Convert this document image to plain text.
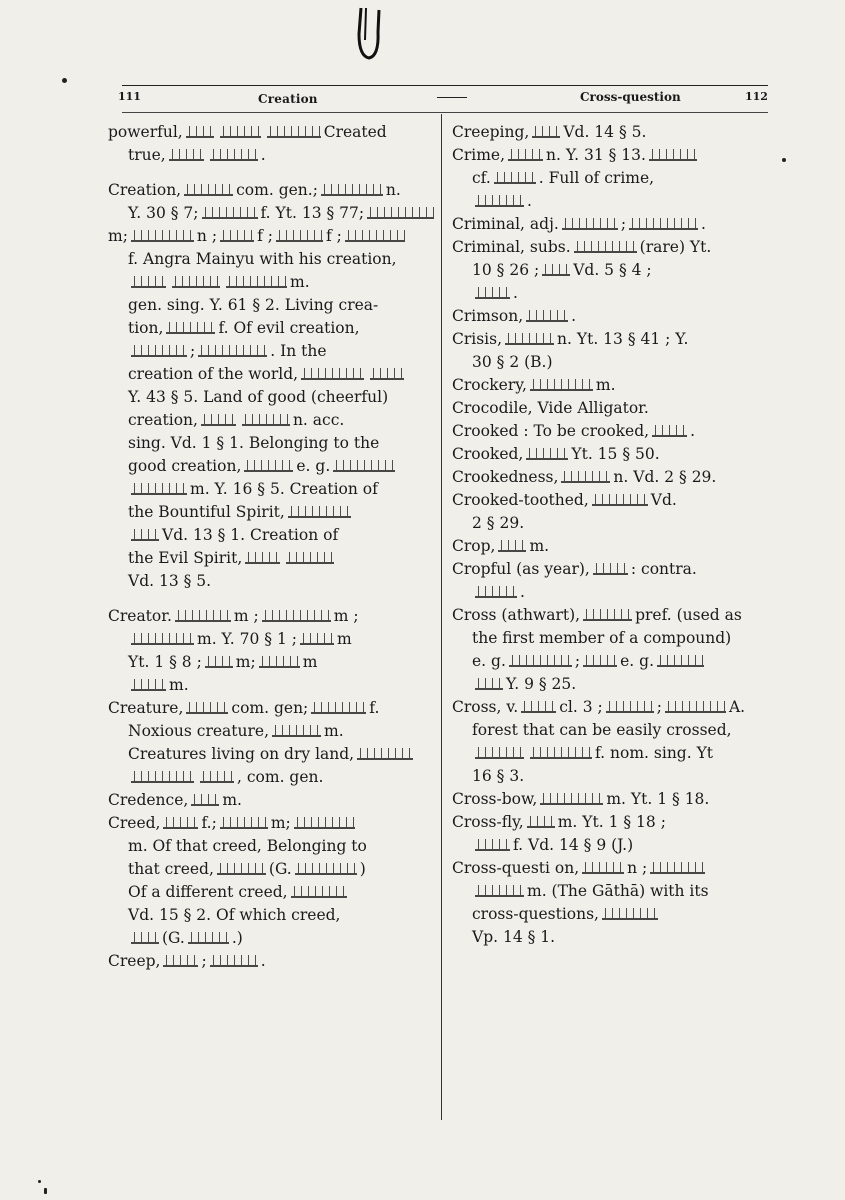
111	Creation	Cross-question	112
powerful,	Created
true,	.
Creation,	com. gen.;	n.
Y. 30 § 7;	f. Yt. 13 § 77;
m;	n ;	f ;	f ;
f. Angra Mainyu with his creation,
m.
gen. sing. Y. 61 § 2. Living crea-
tion,	f. Of evil creation,
;	. In the
creation of the world,
Y. 43 § 5. Land of good (cheerful)
creation,	n. acc.
sing. Vd. 1 § 1. Belonging to the
good creation,	e. g.
m. Y. 16 § 5. Creation of
the Bountiful Spirit,
Vd. 13 § 1. Creation of
the Evil Spirit,
Vd. 13 § 5.
Creator.	m ;	m ;
m. Y. 70 § 1 ;	m
Yt. 1 § 8 ;m;	m
m.
Creature,	com. gen;	f.
Noxious creature,	m.
Creatures living on dry land,
, com. gen.
Credence,m.
Creed,	f.;	m;
m. Of that creed, Belonging to
that creed,	(G.	)
Of a different creed,
Vd. 15 § 2. Of which creed,
(G.	.)
Creep,	;	.
Creeping,Vd. 14 § 5.
Crime,	n. Y. 31 § 13.
cf.	. Full of crime,
.
Criminal, adj.	;	.
Criminal, subs.	(rare) Yt.
10 § 26 ;Vd. 5 § 4 ;
.
Crimson,	.
Crisis,	n. Yt. 13 § 41 ; Y.
30 § 2 (B.)
Crockery,	m.
Crocodile, Vide Alligator.
Crooked : To be crooked,	.
Crooked,	Yt. 15 § 50.
Crookedness,	n. Vd. 2 § 29.
Crooked-toothed,	Vd.
2 § 29.
Crop,m.
Cropful (as year),	: contra.
.
Cross (athwart),	pref. (used as
the first member of a compound)
e. g.	;	e. g.
Y. 9 § 25.
Cross, v.	cl. 3 ;	;	A.
forest that can be easily crossed,
f. nom. sing. Yt
16 § 3.
Cross-bow,	m. Yt. 1 § 18.
Cross-fly,m. Yt. 1 § 18 ;
f. Vd. 14 § 9 (J.)
Cross-questi on,	n ;
m. (The Gāthā) with its
cross-questions,
Vp. 14 § 1.
